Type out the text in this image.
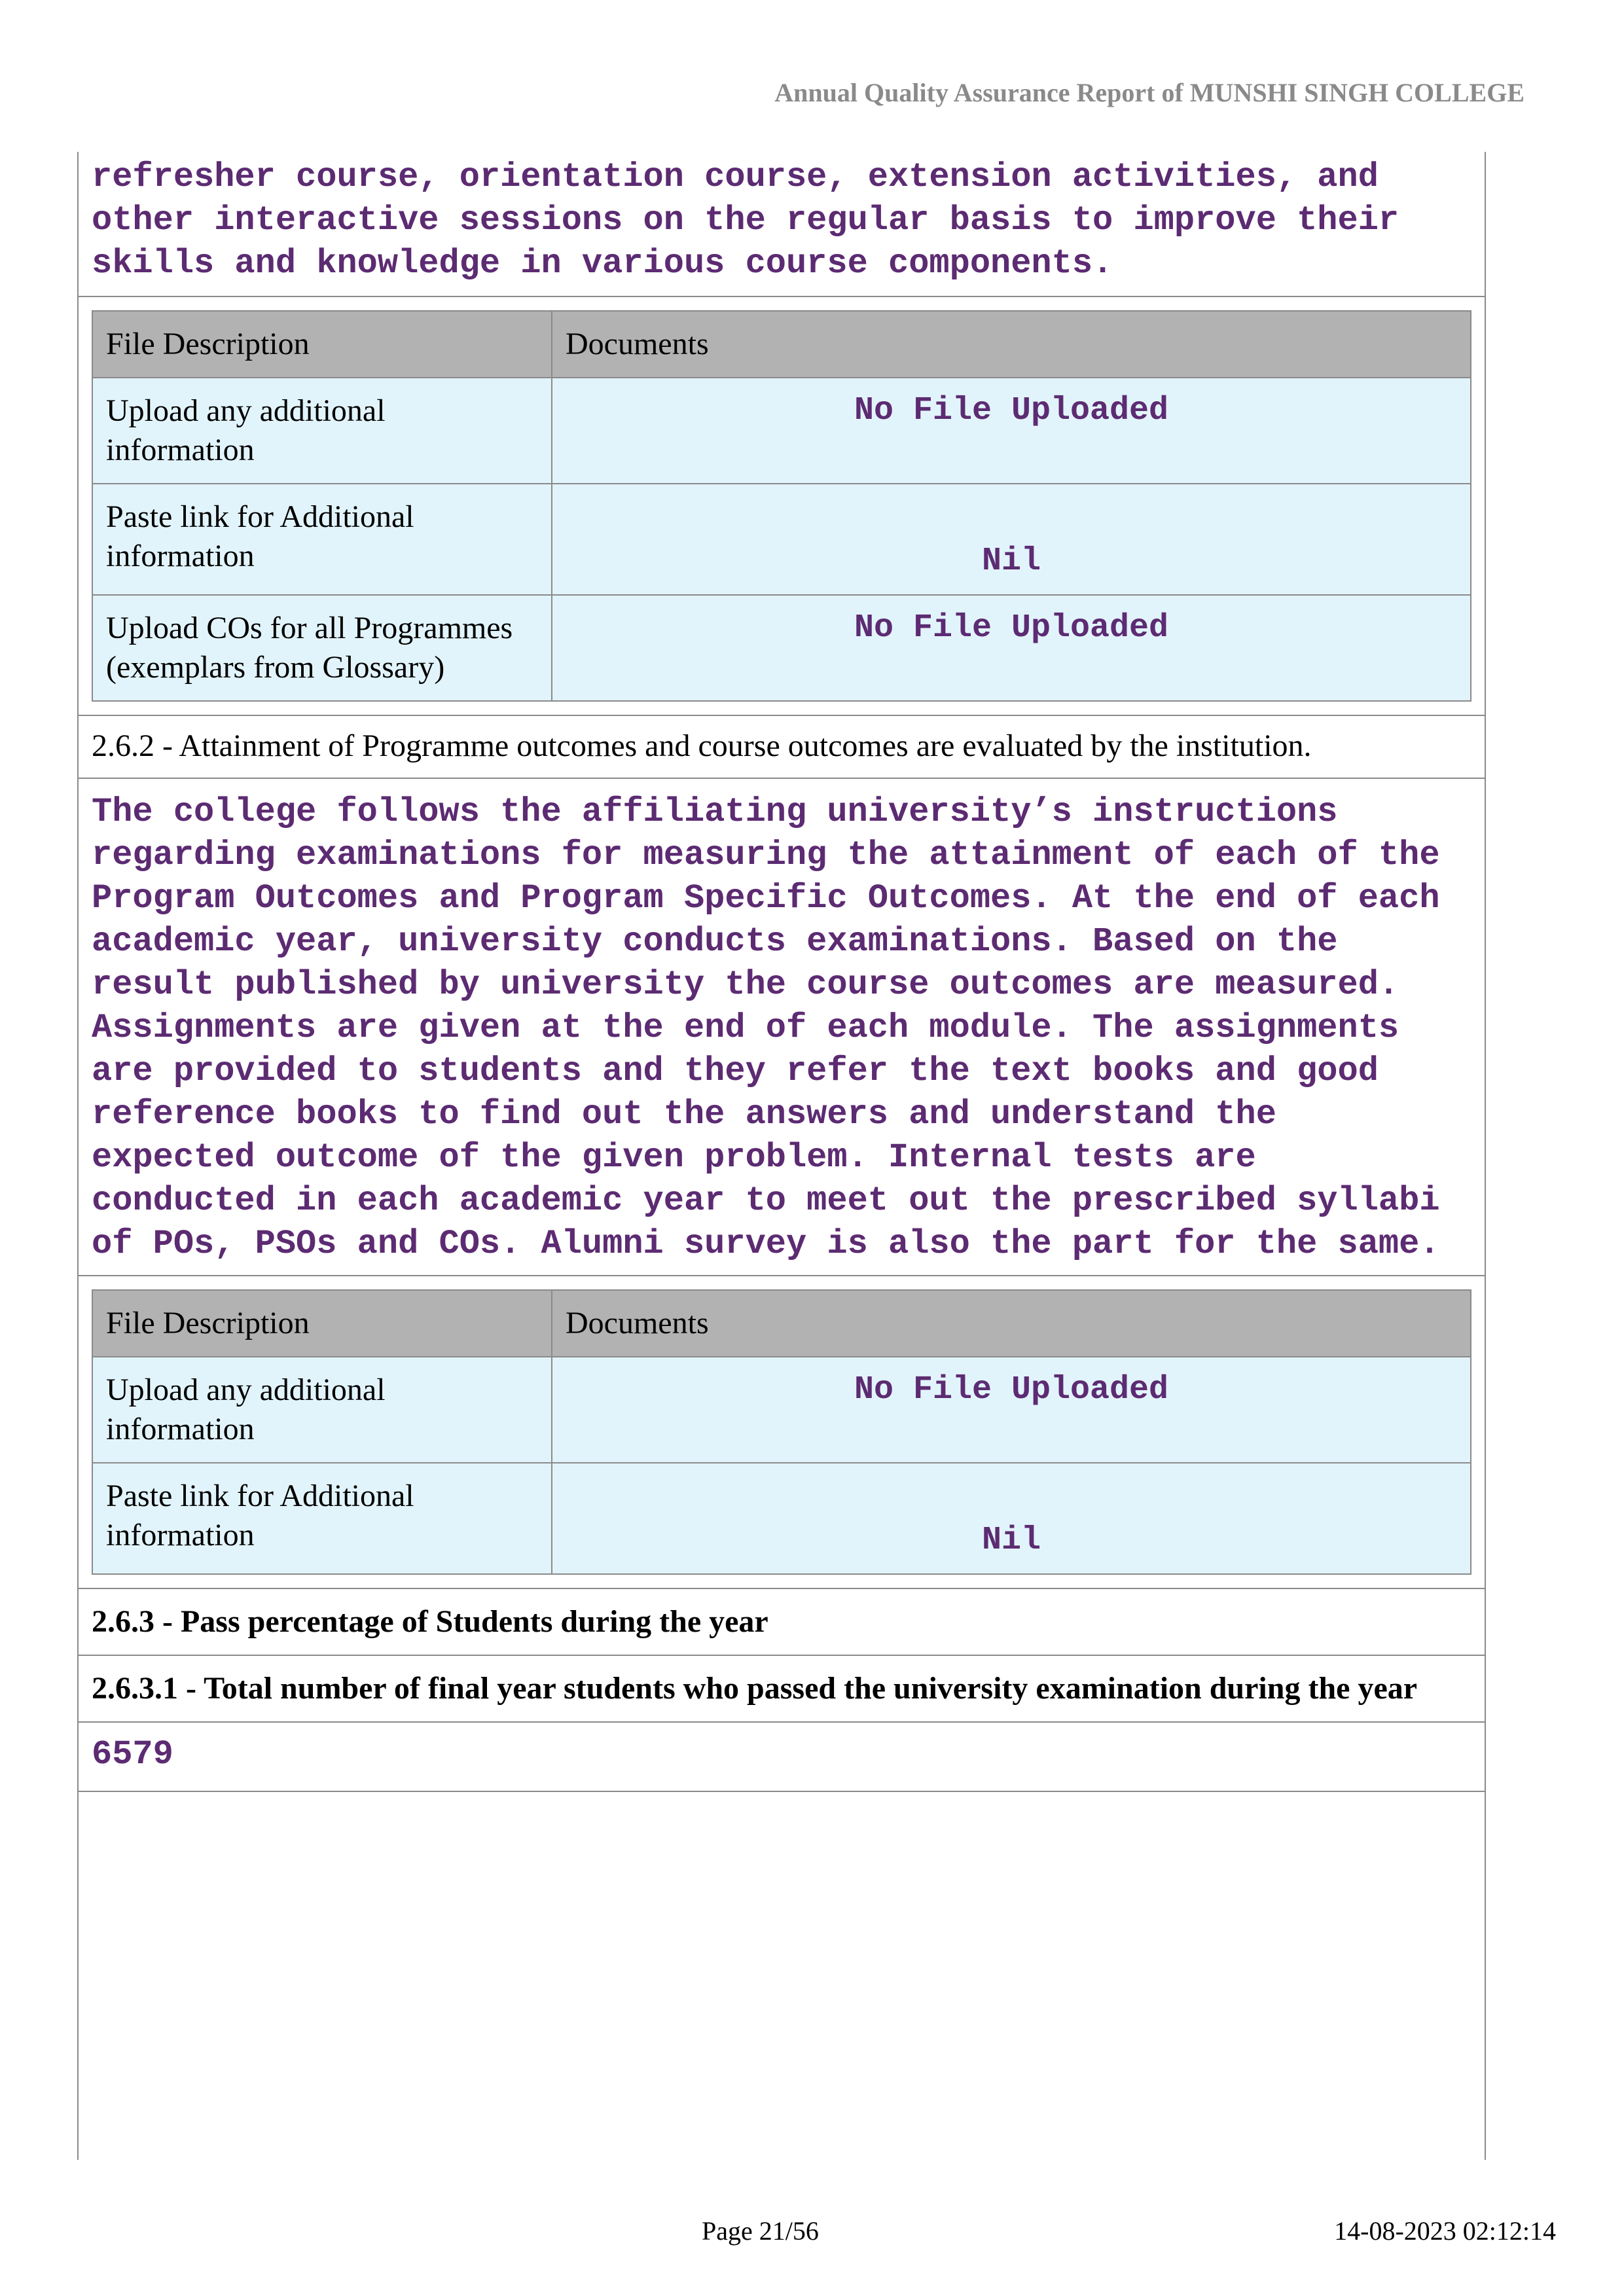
Annual Quality Assurance Report of MUNSHI SINGH COLLEGE
refresher course, orientation course, extension activities, and
other interactive sessions on the regular basis to improve their
skills and knowledge in various course components.
File Description	Documents
Upload any additional information	No File Uploaded
Paste link for Additional information	Nil
Upload COs for all Programmes (exemplars from Glossary)	No File Uploaded
2.6.2 - Attainment of Programme outcomes and course outcomes are evaluated by the institution.
The college follows the affiliating university’s instructions
regarding examinations for measuring the attainment of each of the
Program Outcomes and Program Specific Outcomes. At the end of each
academic year, university conducts examinations. Based on the
result published by university the course outcomes are measured.
Assignments are given at the end of each module. The assignments
are provided to students and they refer the text books and good
reference books to find out the answers and understand the
expected outcome of the given problem. Internal tests are
conducted in each academic year to meet out the prescribed syllabi
of POs, PSOs and COs. Alumni survey is also the part for the same.
File Description	Documents
Upload any additional information	No File Uploaded
Paste link for Additional information	Nil
2.6.3 - Pass percentage of Students during the year
2.6.3.1 - Total number of final year students who passed the university examination during the year
6579
Page 21/56	14-08-2023 02:12:14
